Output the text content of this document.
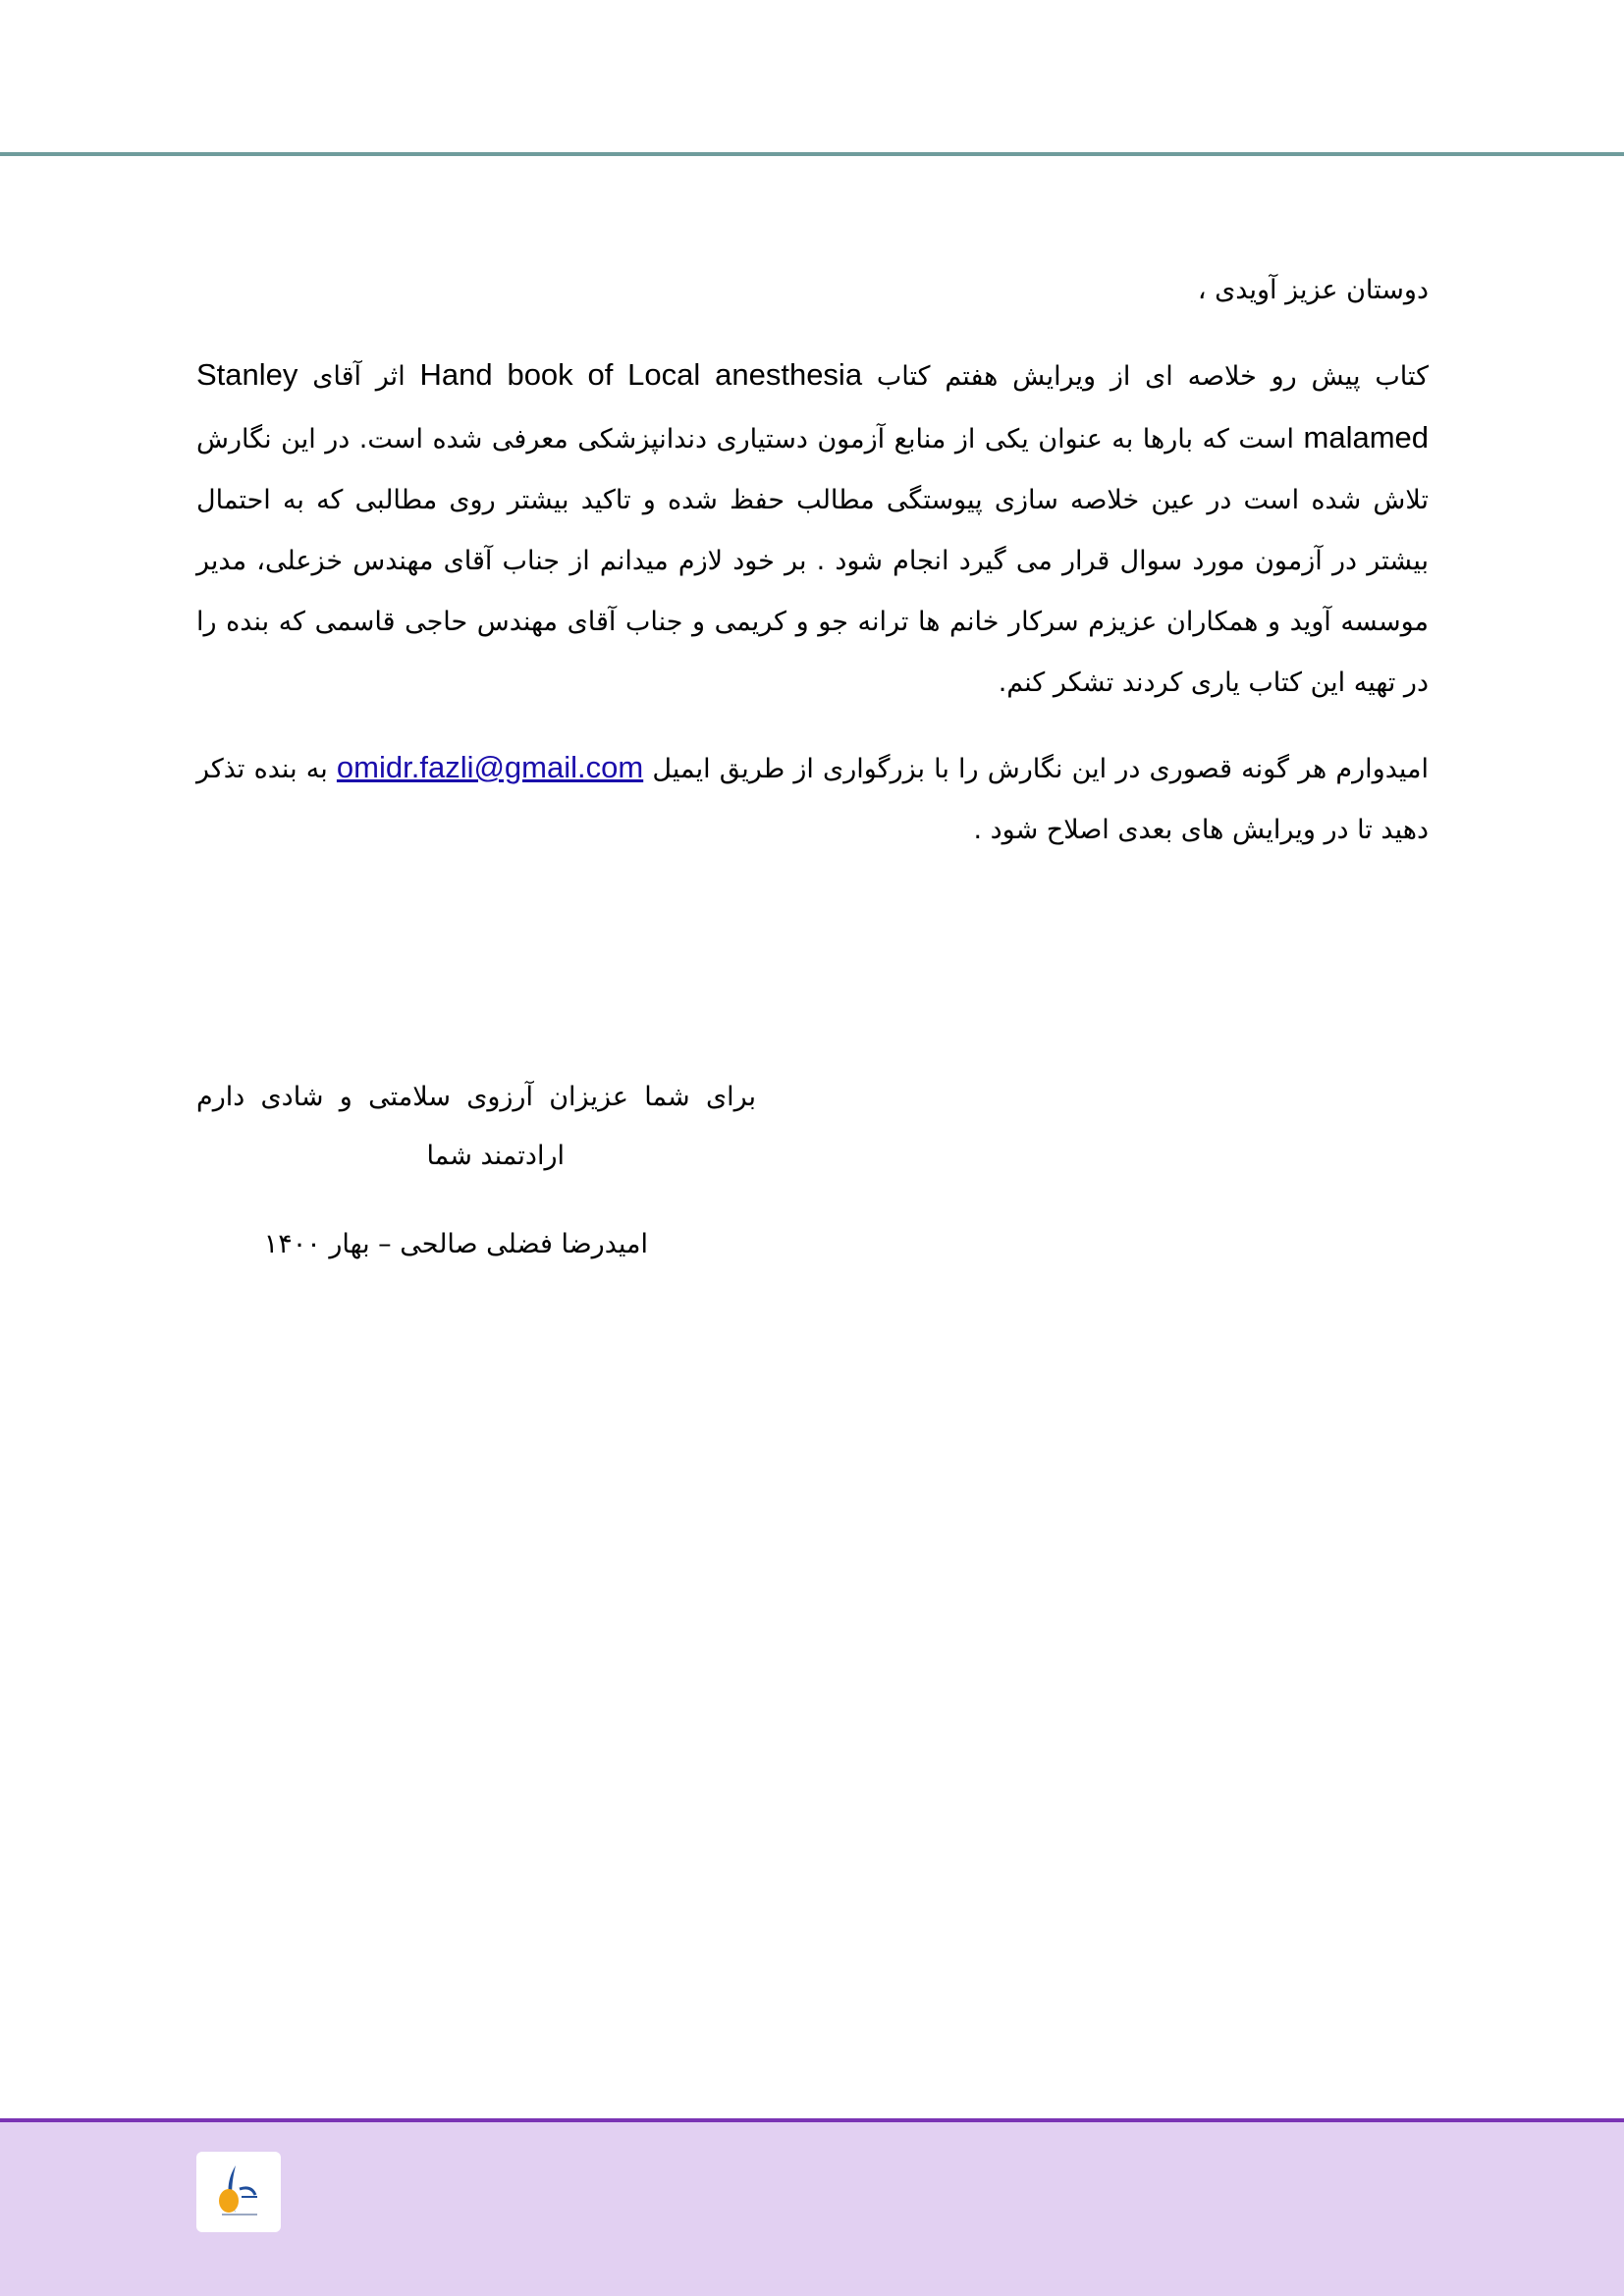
دوستان عزیز آویدی ،

کتاب پیش رو خلاصه ای از ویرایش هفتم کتاب Hand book of Local anesthesia اثر آقای Stanley malamed است که بارها به عنوان یکی از منابع آزمون دستیاری دندانپزشکی معرفی شده است. در این نگارش تلاش شده است در عین خلاصه سازی پیوستگی مطالب حفظ شده و تاکید بیشتر روی مطالبی که به احتمال بیشتر در آزمون مورد سوال قرار می گیرد انجام شود . بر خود لازم میدانم از جناب آقای مهندس خزعلی، مدیر موسسه آوید و همکاران عزیزم سرکار خانم ها ترانه جو و کریمی و جناب آقای مهندس حاجی قاسمی که بنده را در تهیه این کتاب یاری کردند تشکر کنم.

امیدوارم هر گونه قصوری در این نگارش را با بزرگواری از طریق ایمیل omidr.fazli@gmail.com به بنده تذکر دهید تا در ویرایش های بعدی اصلاح شود .

برای شما عزیزان آرزوی سلامتی و شادی دارم

ارادتمند شما

امیدرضا فضلی صالحی – بهار ۱۴۰۰
